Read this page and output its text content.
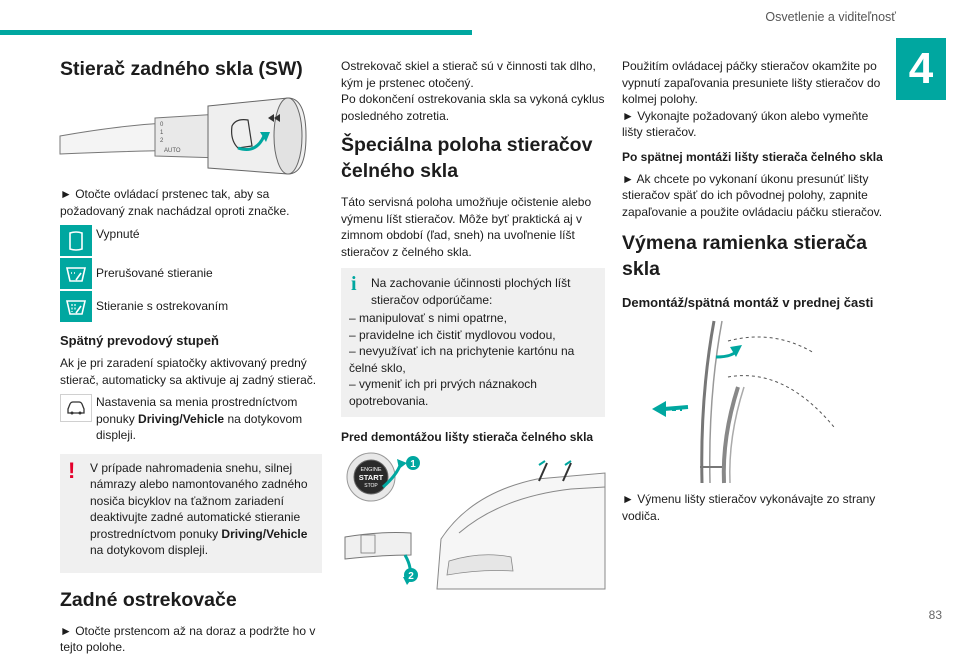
Osvetlenie a viditeľnosť
4
83
Stierač zadného skla (SW)
0
1
2
AUTO

► Otočte ovládací prstenec tak, aby sa požadovaný znak nachádzal oproti značke.

Vypnuté
Prerušované stieranie
Stieranie s ostrekovaním
Spätný prevodový stupeň

Ak je pri zaradení spiatočky aktivovaný predný stierač, automaticky sa aktivuje aj zadný stierač.

Nastavenia sa menia prostredníctvom ponuky Driving/Vehicle na dotykovom displeji.
!	V prípade nahromadenia snehu, silnej námrazy alebo namontovaného zadného nosiča bicyklov na ťažnom zariadení deaktivujte zadné automatické stieranie prostredníctvom ponuky Driving/Vehicle na dotykovom displeji.

Zadné ostrekovače

► Otočte prstencom až na doraz a podržte ho v tejto polohe.

Ostrekovač skiel a stierač sú v činnosti tak dlho, kým je prstenec otočený.

Po dokončení ostrekovania skla sa vykoná cyklus posledného zotretia.

Špeciálna poloha stieračov čelného skla

Táto servisná poloha umožňuje očistenie alebo výmenu líšt stieračov. Môže byť praktická aj v zimnom období (ľad, sneh) na uvoľnenie líšt stieračov z čelného skla.

i	Na zachovanie účinnosti plochých líšt stieračov odporúčame:

– manipulovať s nimi opatrne,

– pravidelne ich čistiť mydlovou vodou,

– nevyužívať ich na prichytenie kartónu na čelné sklo,

– vymeniť ich pri prvých náznakoch opotrebovania.

Pred demontážou lišty stierača čelného skla
ENGINE
START
STOP
1
2

Použitím ovládacej páčky stieračov okamžite po vypnutí zapaľovania presuniete lišty stieračov do kolmej polohy.

► Vykonajte požadovaný úkon alebo vymeňte lišty stieračov.

Po spätnej montáži lišty stierača čelného skla

► Ak chcete po vykonaní úkonu presunúť lišty stieračov späť do ich pôvodnej polohy, zapnite zapaľovanie a použite ovládaciu páčku stieračov.

Výmena ramienka stierača skla
Demontáž/spätná montáž v prednej časti

► Výmenu lišty stieračov vykonávajte zo strany vodiča.
